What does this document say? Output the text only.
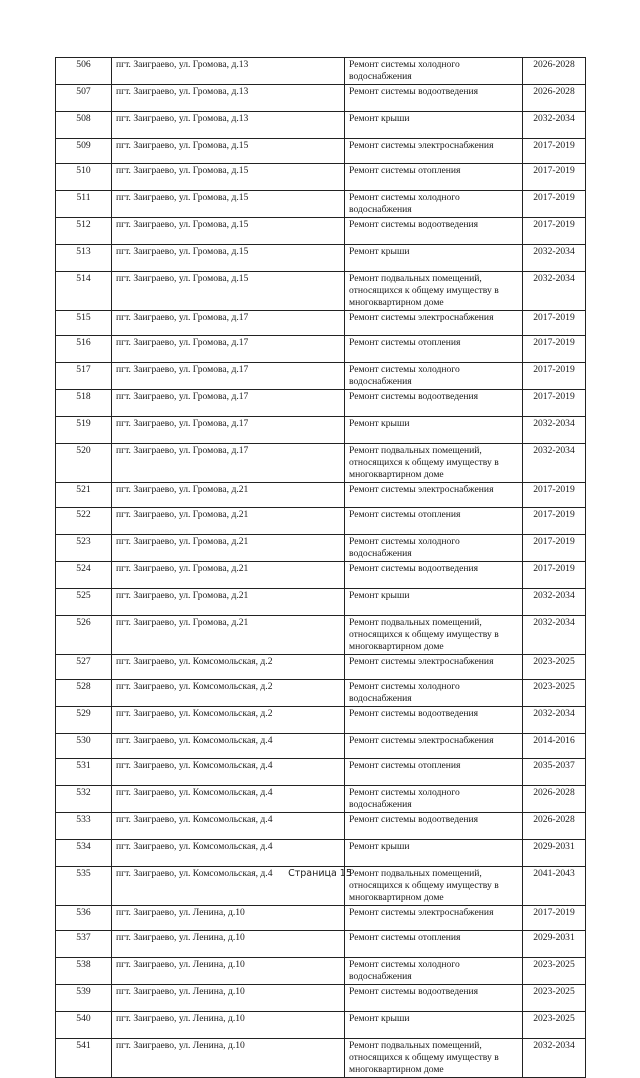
506	пгт. Заиграево, ул. Громова, д.13	Ремонт системы холодного водоснабжения	2026-2028
507	пгт. Заиграево, ул. Громова, д.13	Ремонт системы водоотведения	2026-2028
508	пгт. Заиграево, ул. Громова, д.13	Ремонт крыши	2032-2034
509	пгт. Заиграево, ул. Громова, д.15	Ремонт системы электроснабжения	2017-2019
510	пгт. Заиграево, ул. Громова, д.15	Ремонт системы отопления	2017-2019
511	пгт. Заиграево, ул. Громова, д.15	Ремонт системы холодного водоснабжения	2017-2019
512	пгт. Заиграево, ул. Громова, д.15	Ремонт системы водоотведения	2017-2019
513	пгт. Заиграево, ул. Громова, д.15	Ремонт крыши	2032-2034
514	пгт. Заиграево, ул. Громова, д.15	Ремонт подвальных помещений, относящихся к общему имуществу в многоквартирном доме	2032-2034
515	пгт. Заиграево, ул. Громова, д.17	Ремонт системы электроснабжения	2017-2019
516	пгт. Заиграево, ул. Громова, д.17	Ремонт системы отопления	2017-2019
517	пгт. Заиграево, ул. Громова, д.17	Ремонт системы холодного водоснабжения	2017-2019
518	пгт. Заиграево, ул. Громова, д.17	Ремонт системы водоотведения	2017-2019
519	пгт. Заиграево, ул. Громова, д.17	Ремонт крыши	2032-2034
520	пгт. Заиграево, ул. Громова, д.17	Ремонт подвальных помещений, относящихся к общему имуществу в многоквартирном доме	2032-2034
521	пгт. Заиграево, ул. Громова, д.21	Ремонт системы электроснабжения	2017-2019
522	пгт. Заиграево, ул. Громова, д.21	Ремонт системы отопления	2017-2019
523	пгт. Заиграево, ул. Громова, д.21	Ремонт системы холодного водоснабжения	2017-2019
524	пгт. Заиграево, ул. Громова, д.21	Ремонт системы водоотведения	2017-2019
525	пгт. Заиграево, ул. Громова, д.21	Ремонт крыши	2032-2034
526	пгт. Заиграево, ул. Громова, д.21	Ремонт подвальных помещений, относящихся к общему имуществу в многоквартирном доме	2032-2034
527	пгт. Заиграево, ул. Комсомольская, д.2	Ремонт системы электроснабжения	2023-2025
528	пгт. Заиграево, ул. Комсомольская, д.2	Ремонт системы холодного водоснабжения	2023-2025
529	пгт. Заиграево, ул. Комсомольская, д.2	Ремонт системы водоотведения	2032-2034
530	пгт. Заиграево, ул. Комсомольская, д.4	Ремонт системы электроснабжения	2014-2016
531	пгт. Заиграево, ул. Комсомольская, д.4	Ремонт системы отопления	2035-2037
532	пгт. Заиграево, ул. Комсомольская, д.4	Ремонт системы холодного водоснабжения	2026-2028
533	пгт. Заиграево, ул. Комсомольская, д.4	Ремонт системы водоотведения	2026-2028
534	пгт. Заиграево, ул. Комсомольская, д.4	Ремонт крыши	2029-2031
535	пгт. Заиграево, ул. Комсомольская, д.4	Ремонт подвальных помещений, относящихся к общему имуществу в многоквартирном доме	2041-2043
536	пгт. Заиграево, ул. Ленина, д.10	Ремонт системы электроснабжения	2017-2019
537	пгт. Заиграево, ул. Ленина, д.10	Ремонт системы отопления	2029-2031
538	пгт. Заиграево, ул. Ленина, д.10	Ремонт системы холодного водоснабжения	2023-2025
539	пгт. Заиграево, ул. Ленина, д.10	Ремонт системы водоотведения	2023-2025
540	пгт. Заиграево, ул. Ленина, д.10	Ремонт крыши	2023-2025
541	пгт. Заиграево, ул. Ленина, д.10	Ремонт подвальных помещений, относящихся к общему имуществу в многоквартирном доме	2032-2034
Страница 15
